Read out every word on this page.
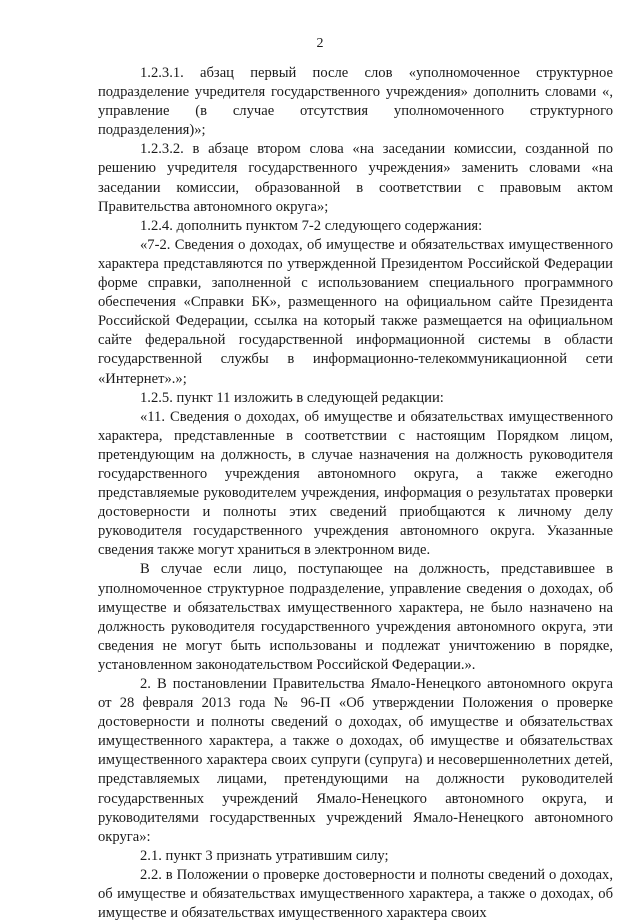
2

1.2.3.1. абзац первый после слов «уполномоченное структурное подразделение учредителя государственного учреждения» дополнить словами «, управление (в случае отсутствия уполномоченного структурного подразделения)»;

1.2.3.2. в абзаце втором слова «на заседании комиссии, созданной по решению учредителя государственного учреждения» заменить словами «на заседании комиссии, образованной в соответствии с правовым актом Правительства автономного округа»;

1.2.4. дополнить пунктом 7-2 следующего содержания:

«7-2. Сведения о доходах, об имуществе и обязательствах имущественного характера представляются по утвержденной Президентом Российской Федерации форме справки, заполненной с использованием специального программного обеспечения «Справки БК», размещенного на официальном сайте Президента Российской Федерации, ссылка на который также размещается на официальном сайте федеральной государственной информационной системы в области государственной службы в информационно-телекоммуникационной сети «Интернет».»;

1.2.5. пункт 11 изложить в следующей редакции:

«11. Сведения о доходах, об имуществе и обязательствах имущественного характера, представленные в соответствии с настоящим Порядком лицом, претендующим на должность, в случае назначения на должность руководителя государственного учреждения автономного округа, а также ежегодно представляемые руководителем учреждения, информация о результатах проверки достоверности и полноты этих сведений приобщаются к личному делу руководителя государственного учреждения автономного округа. Указанные сведения также могут храниться в электронном виде.

В случае если лицо, поступающее на должность, представившее в уполномоченное структурное подразделение, управление сведения о доходах, об имуществе и обязательствах имущественного характера, не было назначено на должность руководителя государственного учреждения автономного округа, эти сведения не могут быть использованы и подлежат уничтожению в порядке, установленном законодательством Российской Федерации.».

2. В постановлении Правительства Ямало-Ненецкого автономного округа от 28 февраля 2013 года № 96-П «Об утверждении Положения о проверке достоверности и полноты сведений о доходах, об имуществе и обязательствах имущественного характера, а также о доходах, об имуществе и обязательствах имущественного характера своих супруги (супруга) и несовершеннолетних детей, представляемых лицами, претендующими на должности руководителей государственных учреждений Ямало-Ненецкого автономного округа, и руководителями государственных учреждений Ямало-Ненецкого автономного округа»:

2.1. пункт 3 признать утратившим силу;

2.2. в Положении о проверке достоверности и полноты сведений о доходах, об имуществе и обязательствах имущественного характера, а также о доходах, об имуществе и обязательствах имущественного характера своих
